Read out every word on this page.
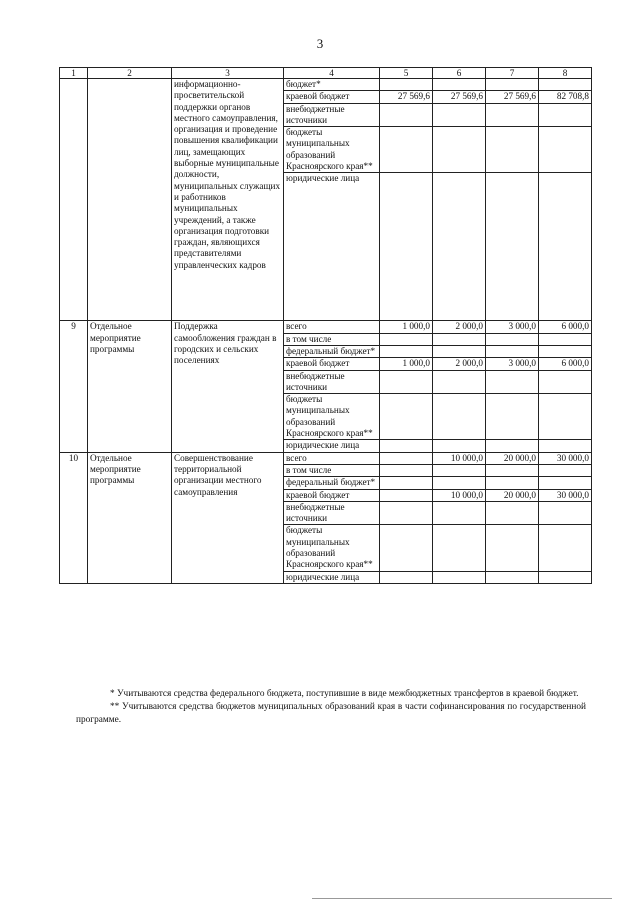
3
1	2	3	4	5	6	7	8
		информационно-просветительской поддержки органов местного самоуправления, организация и проведение повышения квалификации лиц, замещающих выборные муниципальные должности, муниципальных служащих и работников муниципальных учреждений, а также организация подготовки граждан, являющихся представителями управленческих кадров	бюджет*				
			краевой бюджет	27 569,6	27 569,6	27 569,6	82 708,8
			внебюджетные источники				
			бюджеты муниципальных образований Красноярского края**				
			юридические лица				
9	Отдельное мероприятие программы	Поддержка самообложения граждан в городских и сельских поселениях	всего	1 000,0	2 000,0	3 000,0	6 000,0
			в том числе				
			федеральный бюджет*				
			краевой бюджет	1 000,0	2 000,0	3 000,0	6 000,0
			внебюджетные источники				
			бюджеты муниципальных образований Красноярского края**				
			юридические лица				
10	Отдельное мероприятие программы	Совершенствование территориальной организации местного самоуправления	всего		10 000,0	20 000,0	30 000,0
			в том числе				
			федеральный бюджет*				
			краевой бюджет		10 000,0	20 000,0	30 000,0
			внебюджетные источники				
			бюджеты муниципальных образований Красноярского края**				
			юридические лица				

* Учитываются средства федерального бюджета, поступившие в виде межбюджетных трансфертов в краевой бюджет.

** Учитываются средства бюджетов муниципальных образований края в части софинансирования по государственной программе.
